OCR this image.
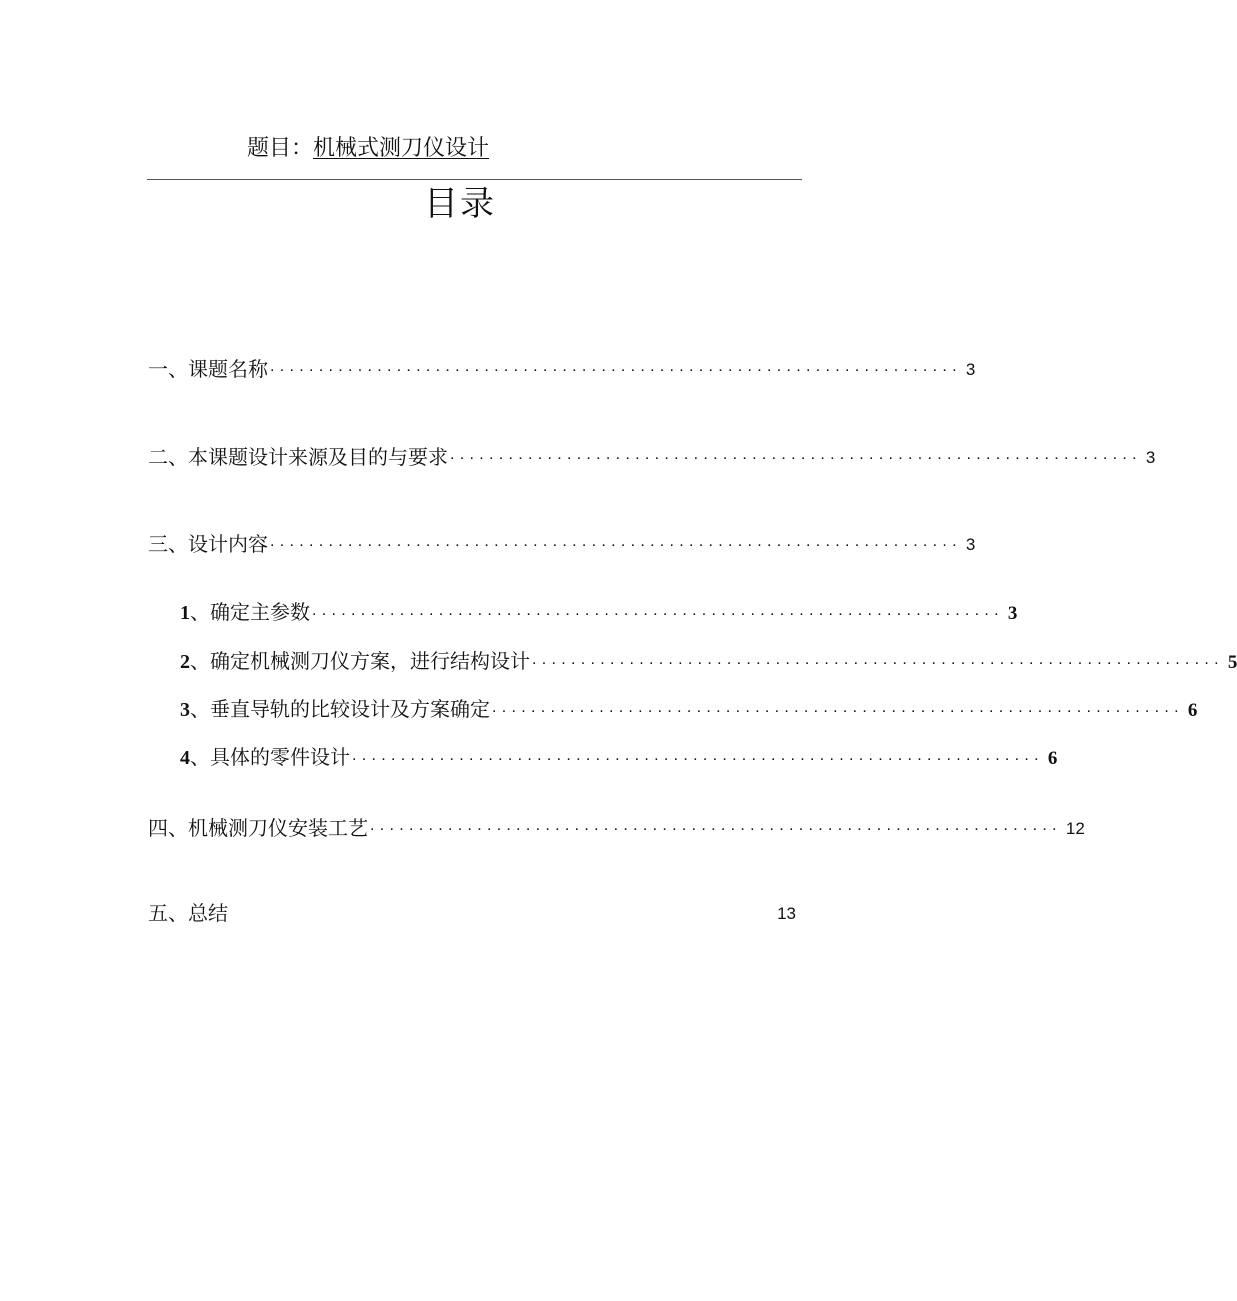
题目：机械式测刀仪设计
目录
一、课题名称 ....................................................................... 3
二、本课题设计来源及目的与要求 ....................................................................... 3
三、设计内容 ....................................................................... 3
1、确定主参数 ....................................................................... 3
2、确定机械测刀仪方案，进行结构设计 ....................................................................... 5
3、垂直导轨的比较设计及方案确定 ....................................................................... 6
4、具体的零件设计 ....................................................................... 6
四、机械测刀仪安装工艺 ....................................................................... 12
五、总结	13
